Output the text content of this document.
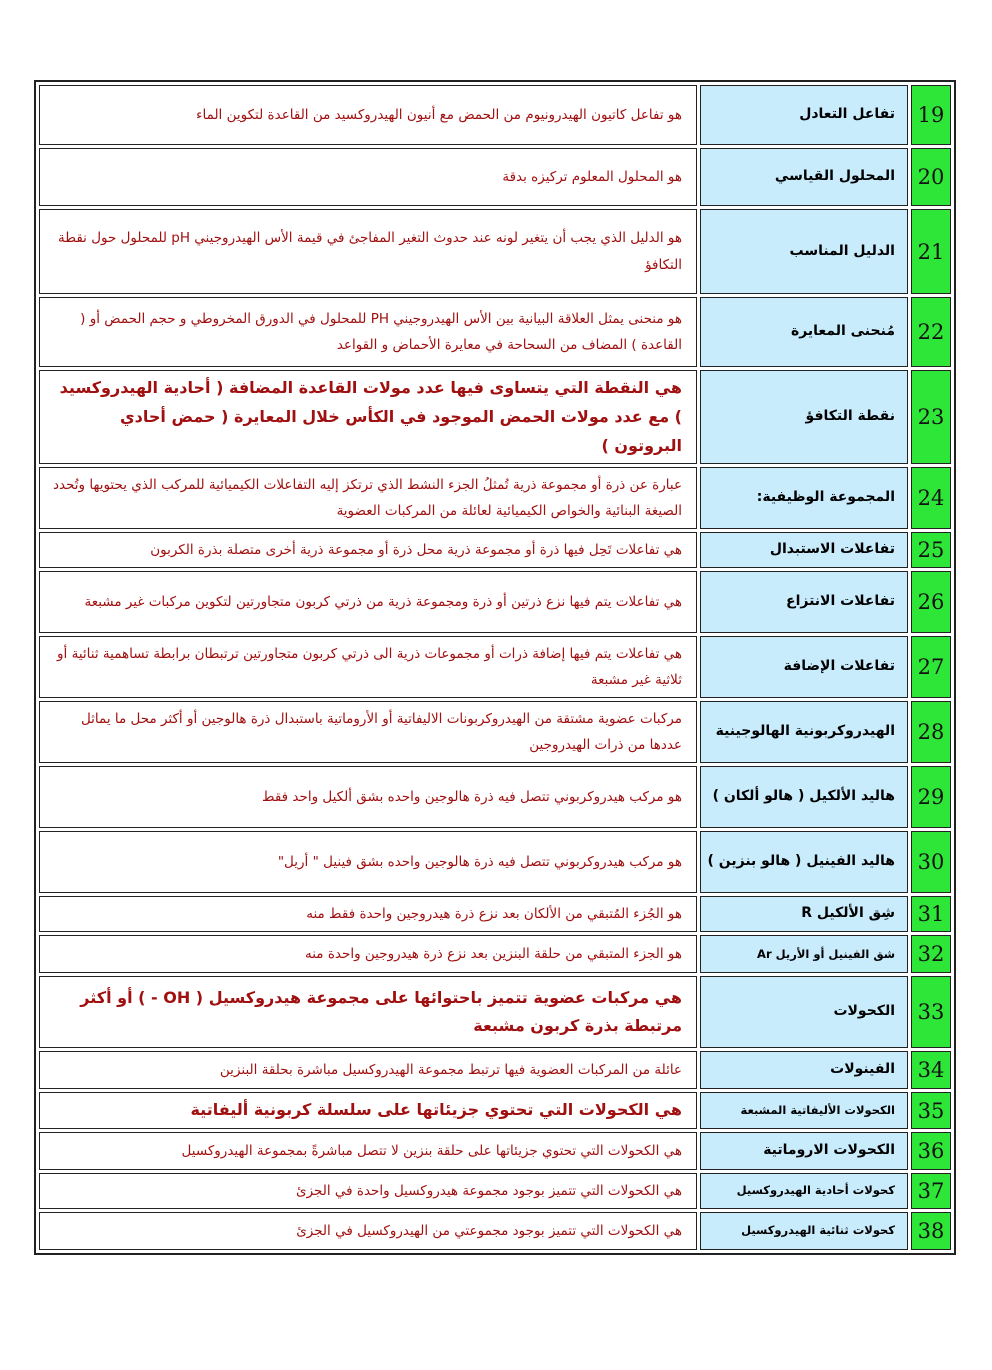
19	تفاعل التعادل	هو تفاعل كاتيون الهيدرونيوم من الحمض مع أنيون الهيدروكسيد من القاعدة لتكوين الماء
20	المحلول القياسي	هو المحلول المعلوم تركيزه بدقة
21	الدليل المناسب	هو الدليل الذي يجب أن يتغير لونه عند حدوث التغير المفاجئ في قيمة الأس الهيدروجيني pH للمحلول حول نقطة التكافؤ
22	مُنحنى المعايرة	هو منحنى يمثل العلاقة البيانية بين الأس الهيدروجيني PH للمحلول في الدورق المخروطي و حجم الحمض أو ( القاعدة ) المضاف من السحاحة في معايرة الأحماض و القواعد
23	نقطة التكافؤ	هي النقطة التي يتساوى فيها عدد مولات القاعدة المضافة ( أحادية الهيدروكسيد ) مع عدد مولات الحمض الموجود في الكأس خلال المعايرة ( حمض أحادي البروتون )
24	المجموعة الوظيفية:	عبارة عن ذرة أو مجموعة ذرية تُمثلُ الجزء النشط الذي ترتكز إليه التفاعلات الكيميائية للمركب الذي يحتويها وتُحدد الصيغة البنائية والخواص الكيميائية لعائلة من المركبات العضوية
25	تفاعلات الاستبدال	هي تفاعلات تَحِل فيها ذرة أو مجموعة ذرية محل ذرة أو مجموعة ذرية أخرى متصلة بذرة الكربون
26	تفاعلات الانتزاع	هي تفاعلات يتم فيها نزع ذرتين أو ذرة ومجموعة ذرية من ذرتي كربون متجاورتين لتكوين مركبات غير مشبعة
27	تفاعلات الإضافة	هي تفاعلات يتم فيها إضافة ذرات أو مجموعات ذرية الى ذرتي كربون متجاورتين ترتبطان برابطة تساهمية ثنائية أو ثلاثية غير مشبعة
28	الهيدروكربونية الهالوجينية	مركبات عضوية مشتقة من الهيدروكربونات الاليفاتية أو الأروماتية باستبدال ذرة هالوجين أو أكثر محل ما يماثل عددها من ذرات الهيدروجين
29	هاليد الألكيل ( هالو ألكان )	هو مركب هيدروكربوني تتصل فيه ذرة هالوجين واحده بشق ألكيل واحد فقط
30	هاليد الفينيل ( هالو بنزين )	هو مركب هيدروكربوني تتصل فيه ذرة هالوجين واحده بشق فينيل " أريل"
31	شِق الألكيل R	هو الجُزء المُتبقي من الألكان بعد نزع ذرة هيدروجين واحدة فقط منه
32	شق الفينيل أو الأريل Ar	هو الجزء المتبقي من حلقة البنزين بعد نزع ذرة هيدروجين واحدة منه
33	الكحولات	هي مركبات عضوية تتميز باحتوائها على مجموعة هيدروكسيل ( OH - ) أو أكثر مرتبطة بذرة كربون مشبعة
34	الفينولات	عائلة من المركبات العضوية فيها ترتبط مجموعة الهيدروكسيل مباشرة بحلقة البنزين
35	الكحولات الأليفاتية المشبعة	هي الكحولات التي تحتوي جزيئاتها على سلسلة كربونية أليفاتية
36	الكحولات الاروماتية	هي الكحولات التي تحتوي جزيئاتها على حلقة بنزين لا تتصل مباشرةً بمجموعة الهيدروكسيل
37	كحولات أحادية الهيدروكسيل	هي الكحولات التي تتميز بوجود مجموعة هيدروكسيل واحدة في الجزئ
38	كحولات ثنائية الهيدروكسيل	هي الكحولات التي تتميز بوجود مجموعتي من الهيدروكسيل في الجزئ
